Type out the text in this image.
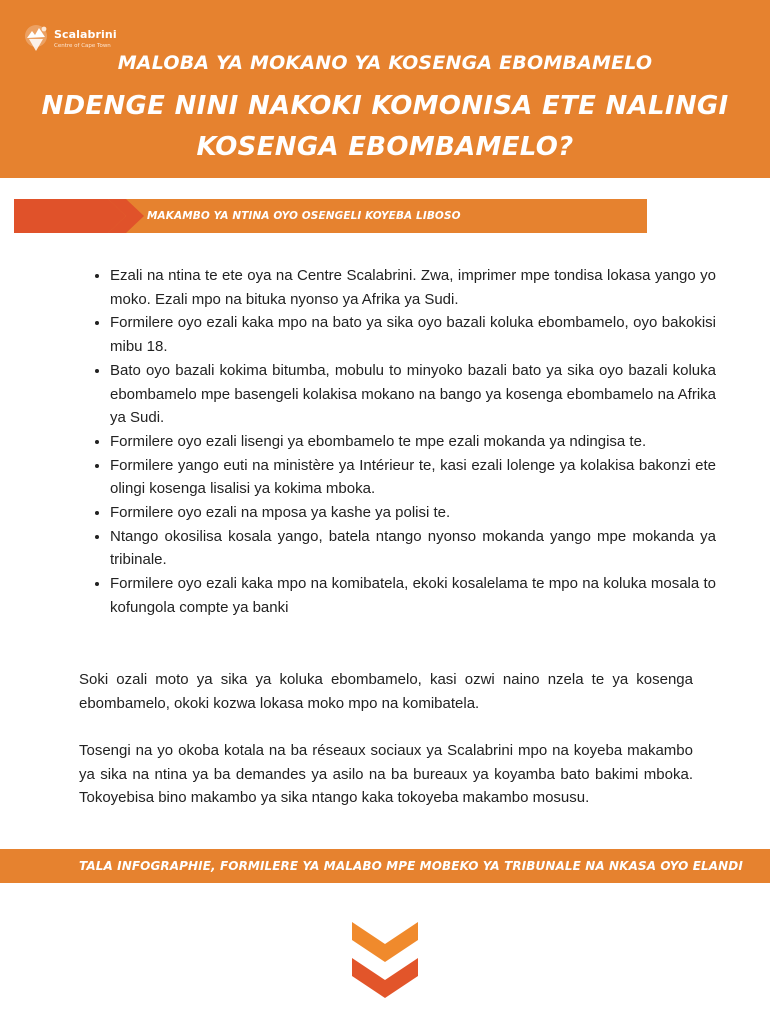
Scalabrini
Centre of Cape Town
MALOBA YA MOKANO YA KOSENGA EBOMBAMELO
NDENGE NINI NAKOKI KOMONISA ETE NALINGI
KOSENGA EBOMBAMELO?
MAKAMBO YA NTINA OYO OSENGELI KOYEBA LIBOSO
• Ezali na ntina te ete oya na Centre Scalabrini. Zwa, imprimer mpe tondisa lokasa yango yo moko. Ezali mpo na bituka nyonso ya Afrika ya Sudi.
• Formilere oyo ezali kaka mpo na bato ya sika oyo bazali koluka ebombamelo, oyo bakokisi mibu 18.
• Bato oyo bazali kokima bitumba, mobulu to minyoko bazali bato ya sika oyo bazali koluka ebombamelo mpe basengeli kolakisa mokano na bango ya kosenga ebombamelo na Afrika ya Sudi.
• Formilere oyo ezali lisengi ya ebombamelo te mpe ezali mokanda ya ndingisa te.
• Formilere yango euti na ministère ya Intérieur te, kasi ezali lolenge ya kolakisa bakonzi ete olingi kosenga lisalisi ya kokima mboka.
• Formilere oyo ezali na mposa ya kashe ya polisi te.
• Ntango okosilisa kosala yango, batela ntango nyonso mokanda yango mpe mokanda ya tribinale.
• Formilere oyo ezali kaka mpo na komibatela, ekoki kosalelama te mpo na koluka mosala to kofungola compte ya banki

Soki ozali moto ya sika ya koluka ebombamelo, kasi ozwi naino nzela te ya kosenga ebombamelo, okoki kozwa lokasa moko mpo na komibatela.

Tosengi na yo okoba kotala na ba réseaux sociaux ya Scalabrini mpo na koyeba makambo ya sika na ntina ya ba demandes ya asilo na ba bureaux ya koyamba bato bakimi mboka. Tokoyebisa bino makambo ya sika ntango kaka tokoyeba makambo mosusu.

TALA INFOGRAPHIE, FORMILERE YA MALABO MPE MOBEKO YA TRIBUNALE NA NKASA OYO ELANDI
